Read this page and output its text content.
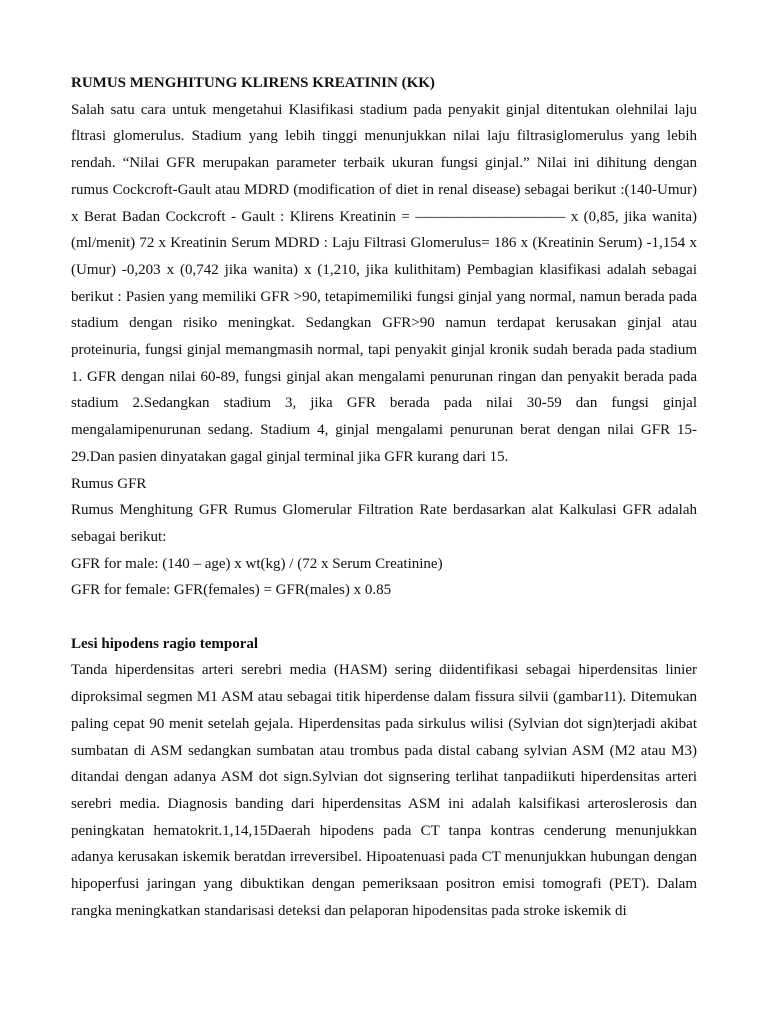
RUMUS MENGHITUNG KLIRENS KREATININ (KK)

Salah satu cara untuk mengetahui Klasifikasi stadium pada penyakit ginjal ditentukan olehnilai laju fltrasi glomerulus. Stadium yang lebih tinggi menunjukkan nilai laju filtrasiglomerulus yang lebih rendah. “Nilai GFR merupakan parameter terbaik ukuran fungsi ginjal.” Nilai ini dihitung dengan rumus Cockcroft-Gault atau MDRD (modification of diet in renal disease) sebagai berikut :(140-Umur) x Berat Badan Cockcroft - Gault : Klirens Kreatinin = —————————— x (0,85, jika wanita) (ml/menit) 72 x Kreatinin Serum MDRD : Laju Filtrasi Glomerulus= 186 x (Kreatinin Serum) -1,154 x (Umur) -0,203 x (0,742 jika wanita) x (1,210, jika kulithitam) Pembagian klasifikasi adalah sebagai berikut : Pasien yang memiliki GFR >90, tetapimemiliki fungsi ginjal yang normal, namun berada pada stadium dengan risiko meningkat. Sedangkan GFR>90 namun terdapat kerusakan ginjal atau proteinuria, fungsi ginjal memangmasih normal, tapi penyakit ginjal kronik sudah berada pada stadium 1. GFR dengan nilai 60-89, fungsi ginjal akan mengalami penurunan ringan dan penyakit berada pada stadium 2.Sedangkan stadium 3, jika GFR berada pada nilai 30-59 dan fungsi ginjal mengalamipenurunan sedang. Stadium 4, ginjal mengalami penurunan berat dengan nilai GFR 15-29.Dan pasien dinyatakan gagal ginjal terminal jika GFR kurang dari 15.

Rumus GFR

Rumus Menghitung GFR Rumus Glomerular Filtration Rate berdasarkan alat Kalkulasi GFR adalah sebagai berikut:

GFR for male: (140 – age) x wt(kg) / (72 x Serum Creatinine)

GFR for female: GFR(females) = GFR(males) x 0.85

Lesi hipodens ragio temporal

Tanda hiperdensitas arteri serebri media (HASM) sering diidentifikasi sebagai hiperdensitas linier diproksimal segmen M1 ASM atau sebagai titik hiperdense dalam fissura silvii (gambar11). Ditemukan paling cepat 90 menit setelah gejala. Hiperdensitas pada sirkulus wilisi (Sylvian dot sign)terjadi akibat sumbatan di ASM sedangkan sumbatan atau trombus pada distal cabang sylvian ASM (M2 atau M3) ditandai dengan adanya ASM dot sign.Sylvian dot signsering terlihat tanpadiikuti hiperdensitas arteri serebri media. Diagnosis banding dari hiperdensitas ASM ini adalah kalsifikasi arteroslerosis dan peningkatan hematokrit.1,14,15Daerah hipodens pada CT tanpa kontras cenderung menunjukkan adanya kerusakan iskemik beratdan irreversibel. Hipoatenuasi pada CT menunjukkan hubungan dengan hipoperfusi jaringan yang dibuktikan dengan pemeriksaan positron emisi tomografi (PET). Dalam rangka meningkatkan standarisasi deteksi dan pelaporan hipodensitas pada stroke iskemik di
